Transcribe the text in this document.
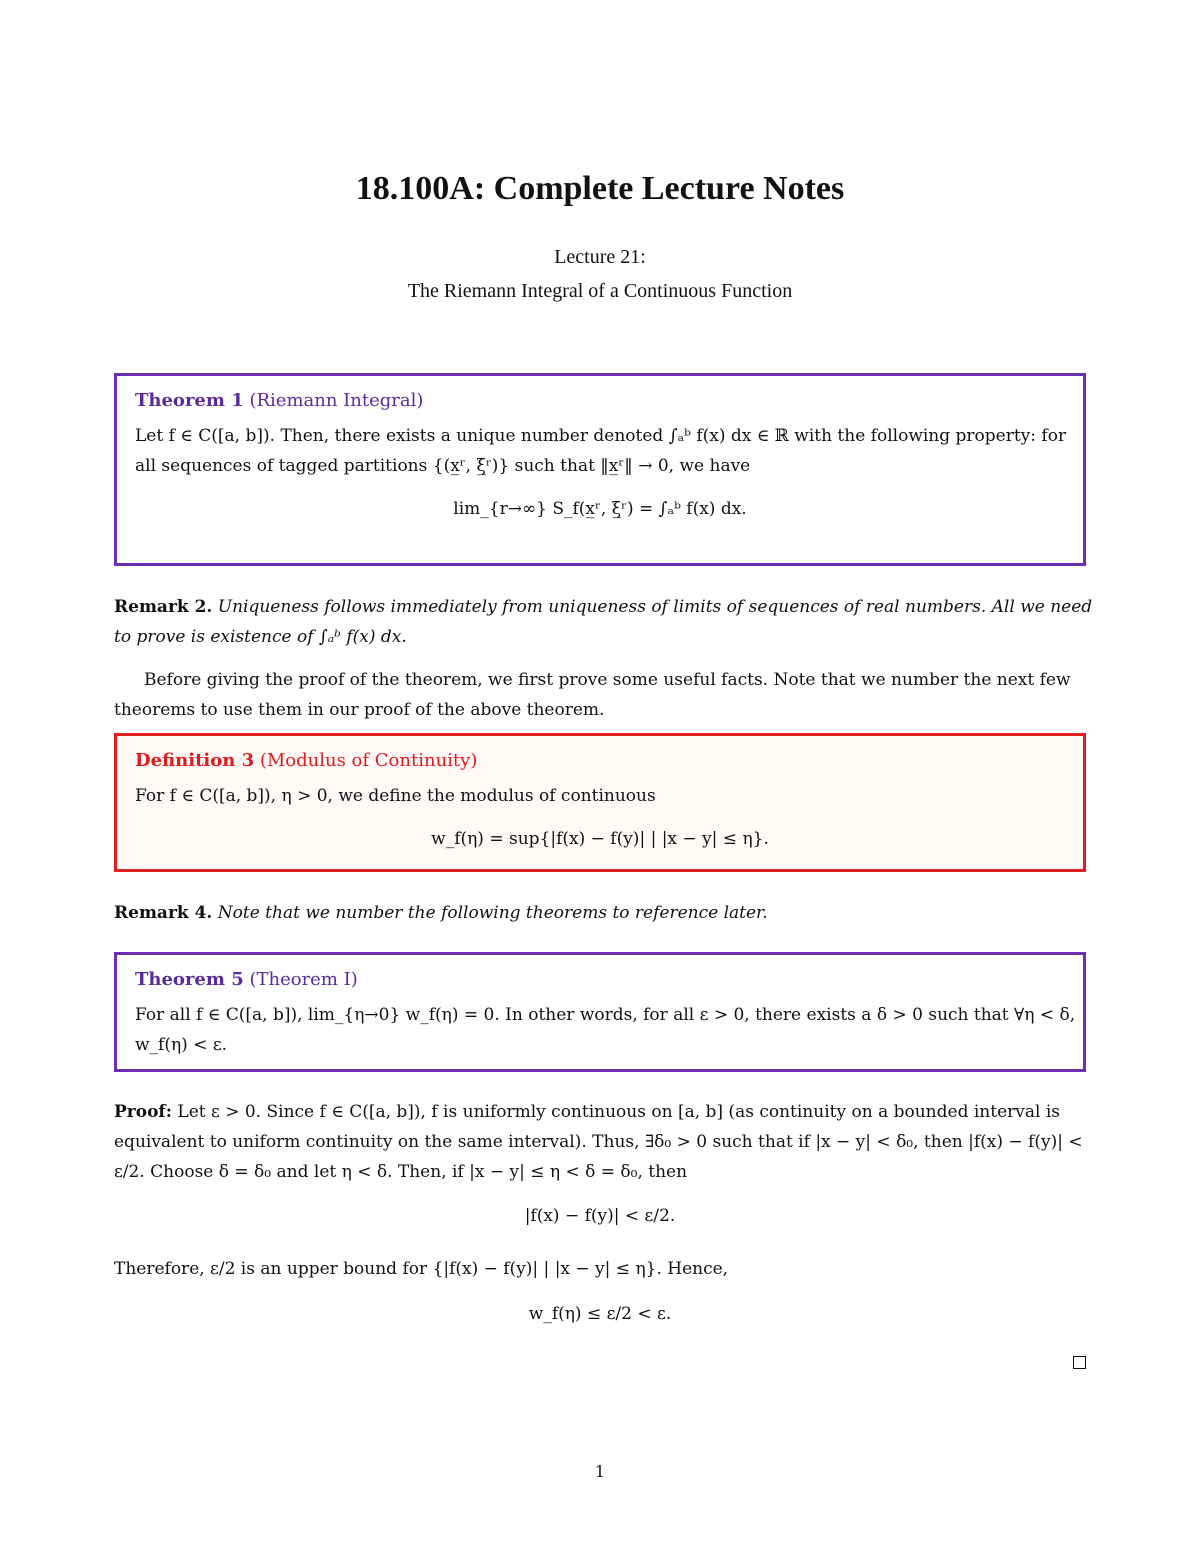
18.100A: Complete Lecture Notes
Lecture 21:
The Riemann Integral of a Continuous Function
Theorem 1 (Riemann Integral)
Let f ∈ C([a, b]). Then, there exists a unique number denoted ∫ₐᵇ f(x) dx ∈ ℝ with the following property: for
all sequences of tagged partitions {(x̲ʳ, ξ̲ʳ)} such that ‖x̲ʳ‖ → 0, we have
lim_{r→∞} S_f(x̲ʳ, ξ̲ʳ) = ∫ₐᵇ f(x) dx.
Remark 2. Uniqueness follows immediately from uniqueness of limits of sequences of real numbers. All we need
to prove is existence of ∫ₐᵇ f(x) dx.
Before giving the proof of the theorem, we first prove some useful facts. Note that we number the next few
theorems to use them in our proof of the above theorem.
Definition 3 (Modulus of Continuity)
For f ∈ C([a, b]), η > 0, we define the modulus of continuous
w_f(η) = sup{|f(x) − f(y)| | |x − y| ≤ η}.
Remark 4. Note that we number the following theorems to reference later.
Theorem 5 (Theorem I)
For all f ∈ C([a, b]), lim_{η→0} w_f(η) = 0. In other words, for all ε > 0, there exists a δ > 0 such that ∀η < δ,
w_f(η) < ε.
Proof: Let ε > 0. Since f ∈ C([a, b]), f is uniformly continuous on [a, b] (as continuity on a bounded interval is
equivalent to uniform continuity on the same interval). Thus, ∃δ₀ > 0 such that if |x − y| < δ₀, then |f(x) − f(y)| <
ε/2. Choose δ = δ₀ and let η < δ. Then, if |x − y| ≤ η < δ = δ₀, then
|f(x) − f(y)| < ε/2.
Therefore, ε/2 is an upper bound for {|f(x) − f(y)| | |x − y| ≤ η}. Hence,
w_f(η) ≤ ε/2 < ε.
1
